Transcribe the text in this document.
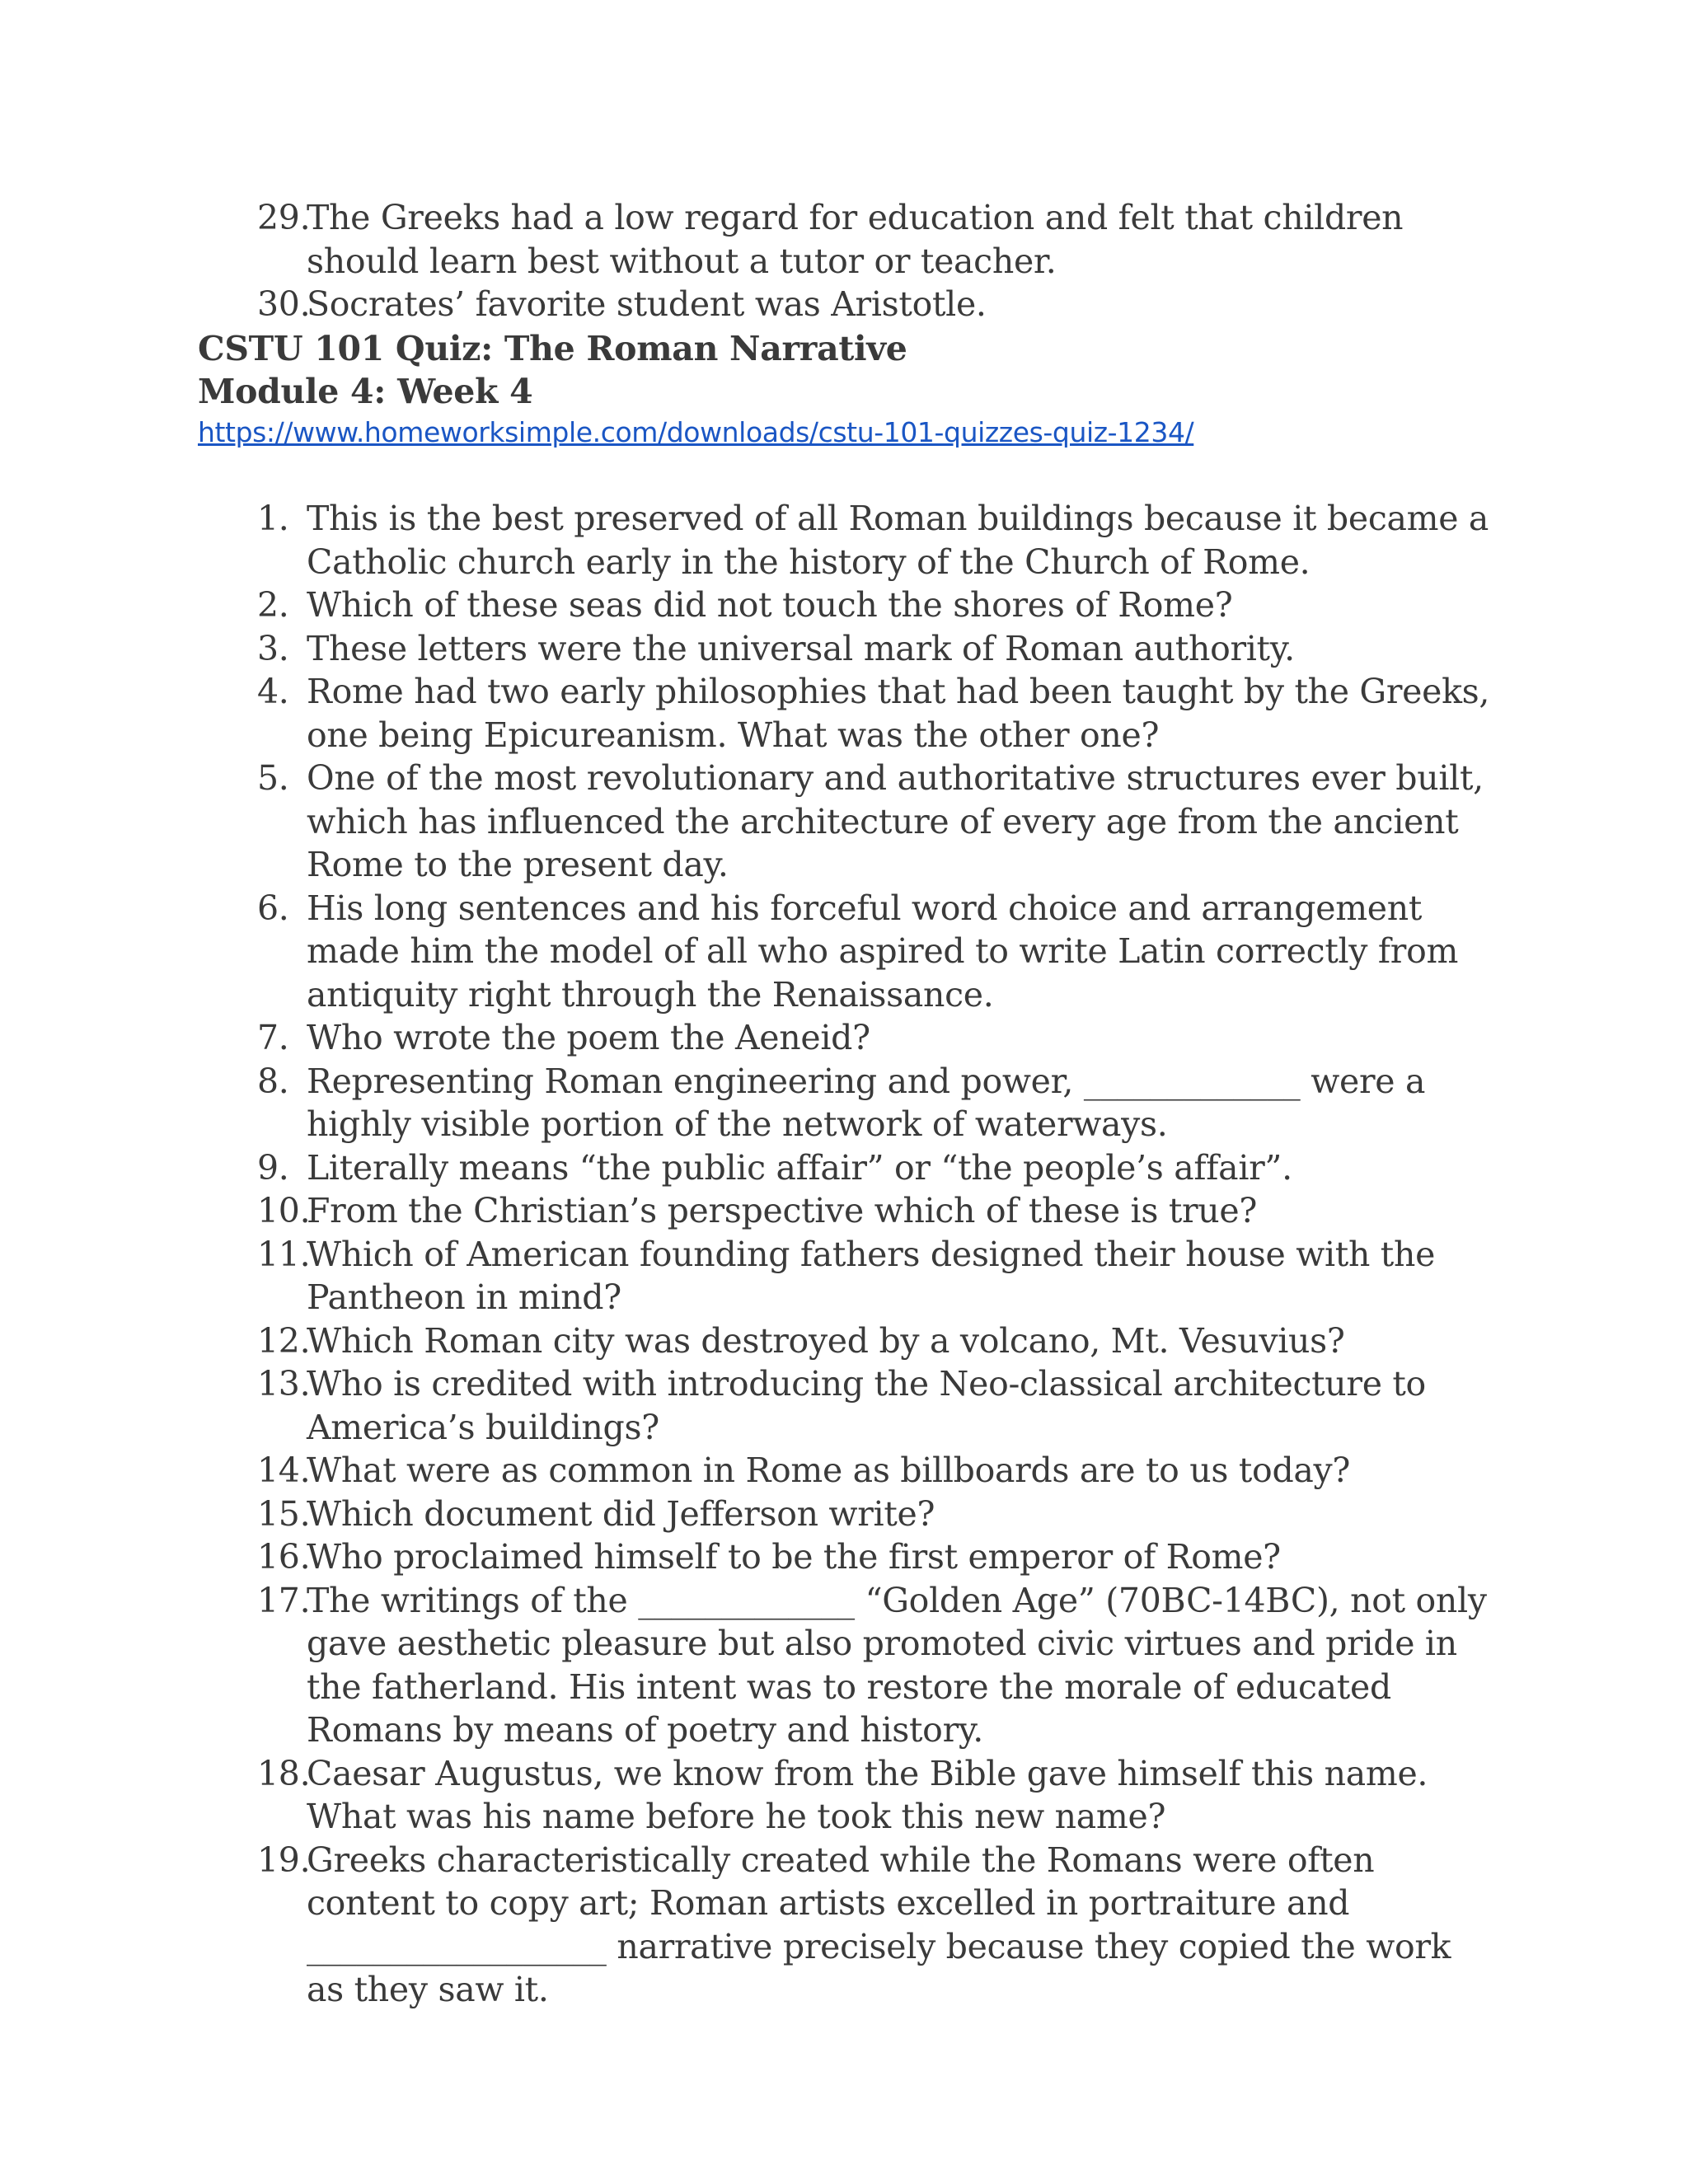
29.
The Greeks had a low regard for education and felt that children should learn best without a tutor or teacher.
30.
Socrates’ favorite student was Aristotle.
CSTU 101 Quiz: The Roman Narrative
Module 4: Week 4
https://www.homeworksimple.com/downloads/cstu-101-quizzes-quiz-1234/
1. This is the best preserved of all Roman buildings because it became a Catholic church early in the history of the Church of Rome.
2. Which of these seas did not touch the shores of Rome?
3. These letters were the universal mark of Roman authority.
4. Rome had two early philosophies that had been taught by the Greeks, one being Epicureanism. What was the other one?
5. One of the most revolutionary and authoritative structures ever built, which has influenced the architecture of every age from the ancient Rome to the present day.
6. His long sentences and his forceful word choice and arrangement made him the model of all who aspired to write Latin correctly from antiquity right through the Renaissance.
7. Who wrote the poem the Aeneid?
8. Representing Roman engineering and power, _____________ were a highly visible portion of the network of waterways.
9. Literally means “the public affair” or “the people’s affair”.
10.
From the Christian’s perspective which of these is true?
11.
Which of American founding fathers designed their house with the Pantheon in mind?
12.
Which Roman city was destroyed by a volcano, Mt. Vesuvius?
13.
Who is credited with introducing the Neo-classical architecture to America’s buildings?
14.
What were as common in Rome as billboards are to us today?
15.
Which document did Jefferson write?
16.
Who proclaimed himself to be the first emperor of Rome?
17.
The writings of the _____________ “Golden Age” (70BC-14BC), not only gave aesthetic pleasure but also promoted civic virtues and pride in the fatherland. His intent was to restore the morale of educated Romans by means of poetry and history.
18.
Caesar Augustus, we know from the Bible gave himself this name. What was his name before he took this new name?
19.
Greeks characteristically created while the Romans were often content to copy art; Roman artists excelled in portraiture and __________________ narrative precisely because they copied the work as they saw it.
